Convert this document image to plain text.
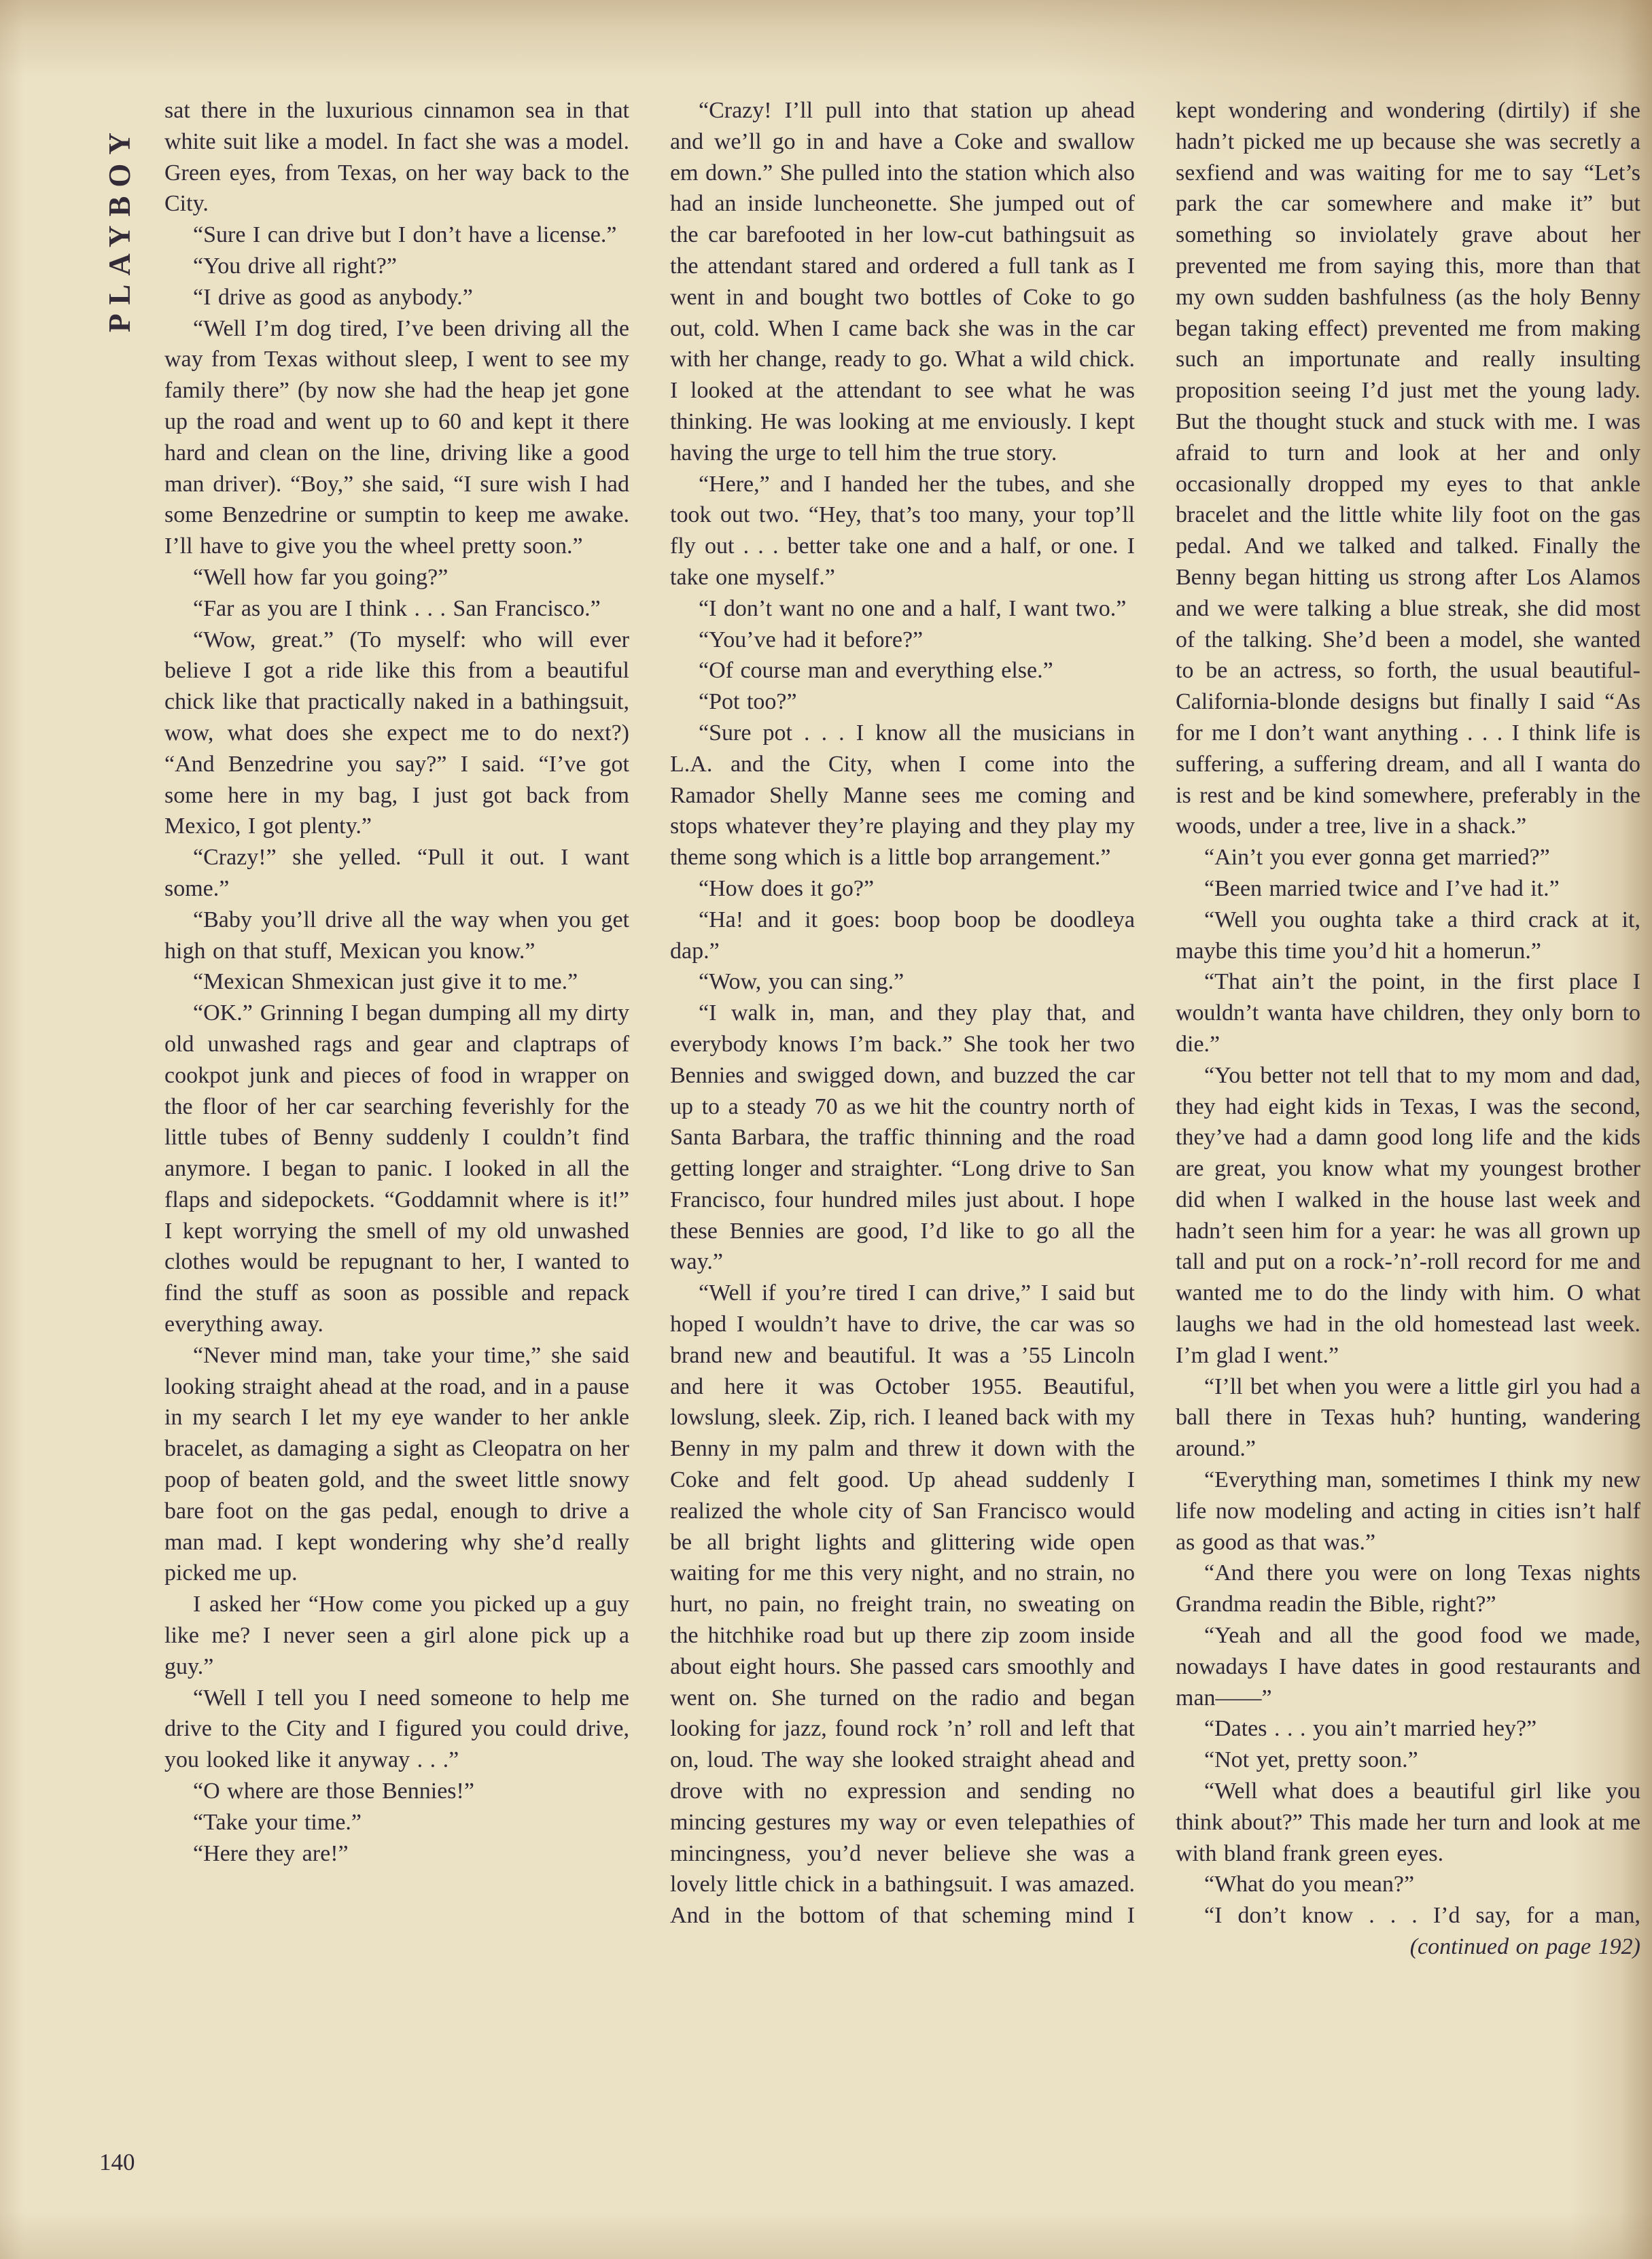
PLAYBOY

sat there in the luxurious cinnamon sea in that white suit like a model. In fact she was a model. Green eyes, from Texas, on her way back to the City.

“Sure I can drive but I don’t have a license.”

“You drive all right?”

“I drive as good as anybody.”

“Well I’m dog tired, I’ve been driving all the way from Texas without sleep, I went to see my family there” (by now she had the heap jet gone up the road and went up to 60 and kept it there hard and clean on the line, driving like a good man driver). “Boy,” she said, “I sure wish I had some Benzedrine or sumptin to keep me awake. I’ll have to give you the wheel pretty soon.”

“Well how far you going?”

“Far as you are I think . . . San Francisco.”

“Wow, great.” (To myself: who will ever believe I got a ride like this from a beautiful chick like that practically naked in a bathingsuit, wow, what does she expect me to do next?) “And Benzedrine you say?” I said. “I’ve got some here in my bag, I just got back from Mexico, I got plenty.”

“Crazy!” she yelled. “Pull it out. I want some.”

“Baby you’ll drive all the way when you get high on that stuff, Mexican you know.”

“Mexican Shmexican just give it to me.”

“OK.” Grinning I began dumping all my dirty old unwashed rags and gear and claptraps of cookpot junk and pieces of food in wrapper on the floor of her car searching feverishly for the little tubes of Benny suddenly I couldn’t find anymore. I began to panic. I looked in all the flaps and sidepockets. “Goddamnit where is it!” I kept worrying the smell of my old unwashed clothes would be repugnant to her, I wanted to find the stuff as soon as possible and repack everything away.

“Never mind man, take your time,” she said looking straight ahead at the road, and in a pause in my search I let my eye wander to her ankle bracelet, as damaging a sight as Cleopatra on her poop of beaten gold, and the sweet little snowy bare foot on the gas pedal, enough to drive a man mad. I kept wondering why she’d really picked me up.

I asked her “How come you picked up a guy like me? I never seen a girl alone pick up a guy.”

“Well I tell you I need someone to help me drive to the City and I figured you could drive, you looked like it anyway . . .”

“O where are those Bennies!”

“Take your time.”

“Here they are!”

“Crazy! I’ll pull into that station up ahead and we’ll go in and have a Coke and swallow em down.” She pulled into the station which also had an inside luncheonette. She jumped out of the car barefooted in her low-cut bathingsuit as the attendant stared and ordered a full tank as I went in and bought two bottles of Coke to go out, cold. When I came back she was in the car with her change, ready to go. What a wild chick. I looked at the attendant to see what he was thinking. He was looking at me enviously. I kept having the urge to tell him the true story.

“Here,” and I handed her the tubes, and she took out two. “Hey, that’s too many, your top’ll fly out . . . better take one and a half, or one. I take one myself.”

“I don’t want no one and a half, I want two.”

“You’ve had it before?”

“Of course man and everything else.”

“Pot too?”

“Sure pot . . . I know all the musicians in L.A. and the City, when I come into the Ramador Shelly Manne sees me coming and stops whatever they’re playing and they play my theme song which is a little bop arrangement.”

“How does it go?”

“Ha! and it goes: boop boop be doodleya dap.”

“Wow, you can sing.”

“I walk in, man, and they play that, and everybody knows I’m back.” She took her two Bennies and swigged down, and buzzed the car up to a steady 70 as we hit the country north of Santa Barbara, the traffic thinning and the road getting longer and straighter. “Long drive to San Francisco, four hundred miles just about. I hope these Bennies are good, I’d like to go all the way.”

“Well if you’re tired I can drive,” I said but hoped I wouldn’t have to drive, the car was so brand new and beautiful. It was a ’55 Lincoln and here it was October 1955. Beautiful, lowslung, sleek. Zip, rich. I leaned back with my Benny in my palm and threw it down with the Coke and felt good. Up ahead suddenly I realized the whole city of San Francisco would be all bright lights and glittering wide open waiting for me this very night, and no strain, no hurt, no pain, no freight train, no sweating on the hitchhike road but up there zip zoom inside about eight hours. She passed cars smoothly and went on. She turned on the radio and began looking for jazz, found rock ’n’ roll and left that on, loud. The way she looked straight ahead and drove with no expression and sending no mincing gestures my way or even telepathies of mincingness, you’d never believe she was a lovely little chick in a bathingsuit. I was amazed. And in the bottom of that scheming mind I

kept wondering and wondering (dirtily) if she hadn’t picked me up because she was secretly a sexfiend and was waiting for me to say “Let’s park the car somewhere and make it” but something so inviolately grave about her prevented me from saying this, more than that my own sudden bashfulness (as the holy Benny began taking effect) prevented me from making such an importunate and really insulting proposition seeing I’d just met the young lady. But the thought stuck and stuck with me. I was afraid to turn and look at her and only occasionally dropped my eyes to that ankle bracelet and the little white lily foot on the gas pedal. And we talked and talked. Finally the Benny began hitting us strong after Los Alamos and we were talking a blue streak, she did most of the talking. She’d been a model, she wanted to be an actress, so forth, the usual beautiful-California-blonde designs but finally I said “As for me I don’t want anything . . . I think life is suffering, a suffering dream, and all I wanta do is rest and be kind somewhere, preferably in the woods, under a tree, live in a shack.”

“Ain’t you ever gonna get married?”

“Been married twice and I’ve had it.”

“Well you oughta take a third crack at it, maybe this time you’d hit a homerun.”

“That ain’t the point, in the first place I wouldn’t wanta have children, they only born to die.”

“You better not tell that to my mom and dad, they had eight kids in Texas, I was the second, they’ve had a damn good long life and the kids are great, you know what my youngest brother did when I walked in the house last week and hadn’t seen him for a year: he was all grown up tall and put on a rock-’n’-roll record for me and wanted me to do the lindy with him. O what laughs we had in the old homestead last week. I’m glad I went.”

“I’ll bet when you were a little girl you had a ball there in Texas huh? hunting, wandering around.”

“Everything man, sometimes I think my new life now modeling and acting in cities isn’t half as good as that was.”

“And there you were on long Texas nights Grandma readin the Bible, right?”

“Yeah and all the good food we made, nowadays I have dates in good restaurants and man——”

“Dates . . . you ain’t married hey?”

“Not yet, pretty soon.”

“Well what does a beautiful girl like you think about?” This made her turn and look at me with bland frank green eyes.

“What do you mean?”

“I don’t know . . . I’d say, for a man,
(continued on page 192)

140
